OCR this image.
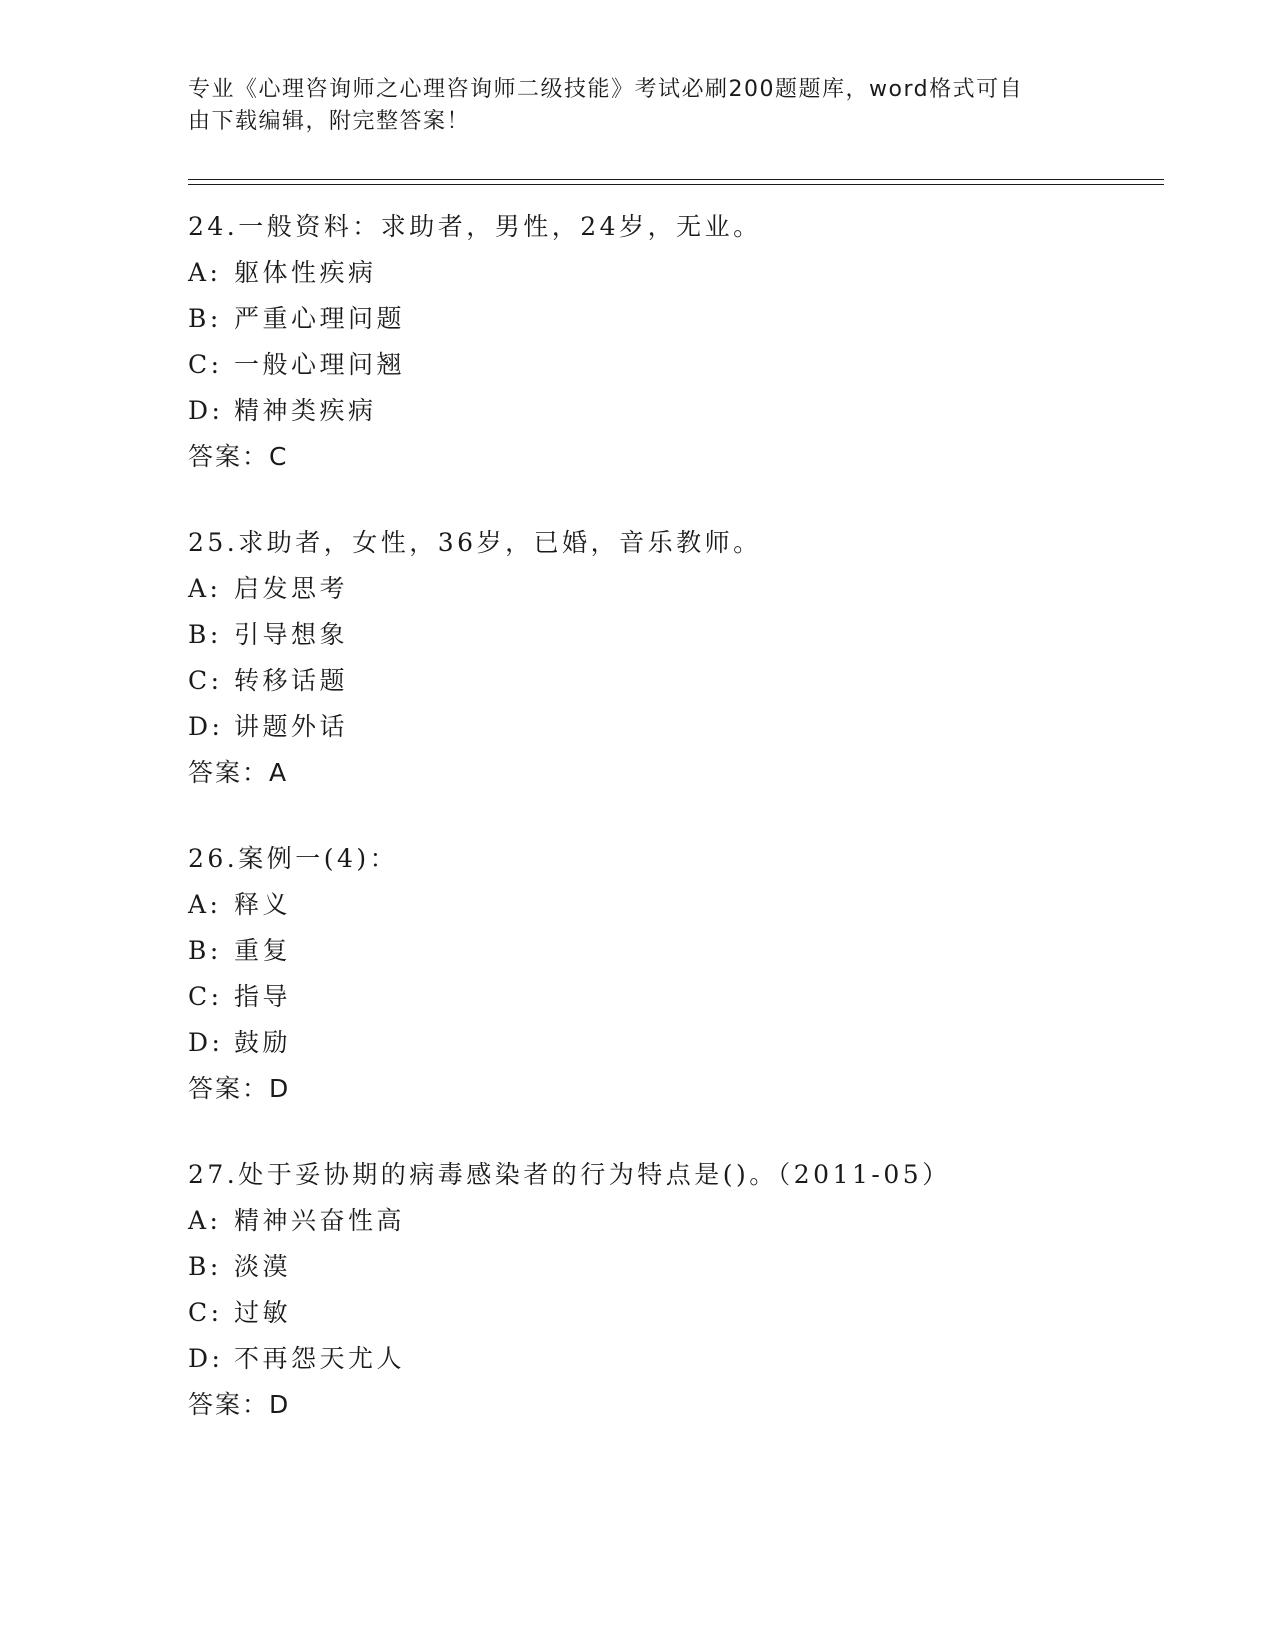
专业《心理咨询师之心理咨询师二级技能》考试必刷200题题库，word格式可自
由下载编辑，附完整答案！
24.一般资料：求助者，男性，24岁，无业。
A: 躯体性疾病
B: 严重心理问题
C: 一般心理问翘
D: 精神类疾病
答案：C
25.求助者，女性，36岁，已婚，音乐教师。
A: 启发思考
B: 引导想象
C: 转移话题
D: 讲题外话
答案：A
26.案例一(4)：
A: 释义
B: 重复
C: 指导
D: 鼓励
答案：D
27.处于妥协期的病毒感染者的行为特点是()。（2011-05）
A: 精神兴奋性高
B: 淡漠
C: 过敏
D: 不再怨天尤人
答案：D
